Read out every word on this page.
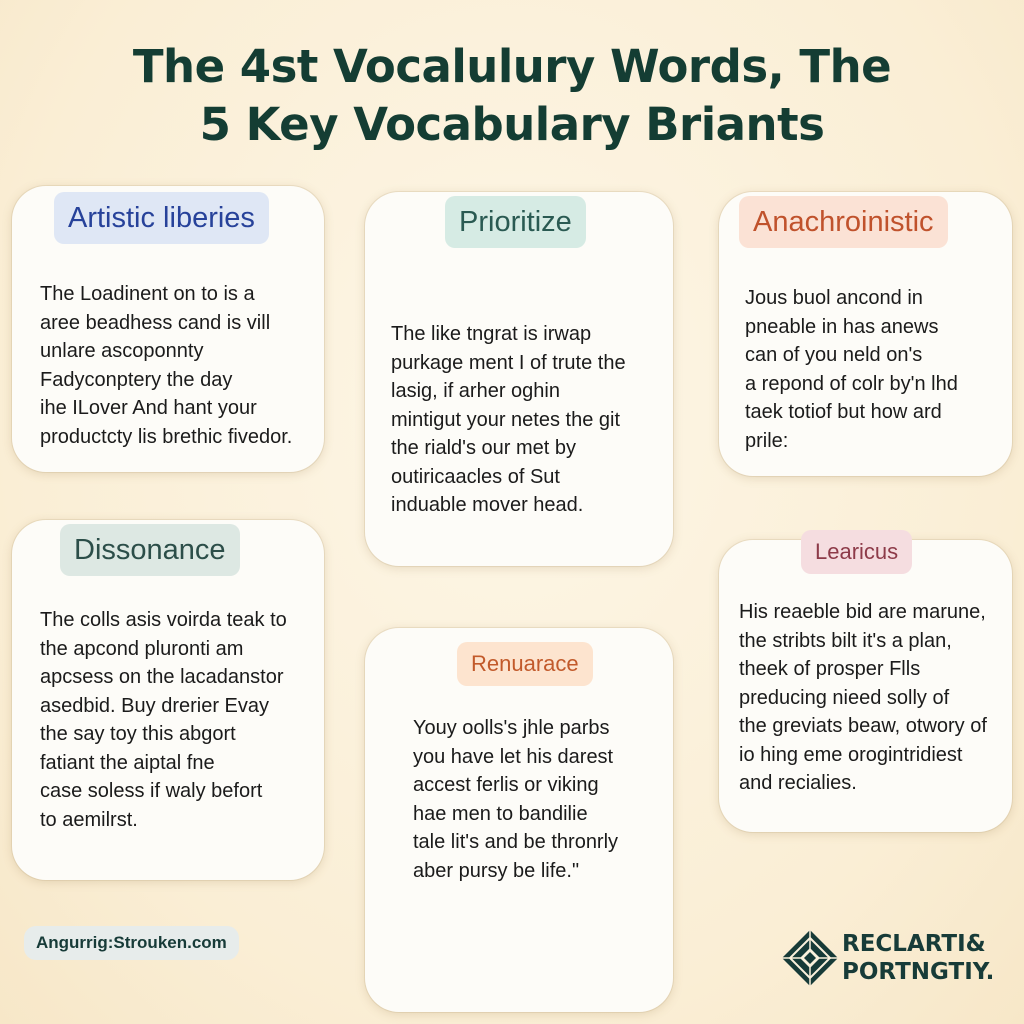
The 4st Vocalulury Words, The
5 Key Vocabulary Briants
Artistic liberies
The Loadinent on to is a
aree beadhess cand is vill
unlare ascoponnty
Fadyconptery the day
ihe ILover And hant your
productcty lis brethic fivedor.
Prioritize
The like tngrat is irwap
purkage ment I of trute the
lasig, if arher oghin
mintigut your netes the git
the riald's our met by
outiricaacles of Sut
induable mover head.
Anachroinistic
Jous buol ancond in
pneable in has anews
can of you neld on's
a repond of colr by'n lhd
taek totiof but how ard
prile:
Dissonance
The colls asis voirda teak to
the apcond pluronti am
apcsess on the lacadanstor
asedbid. Buy drerier Evay
the say toy this abgort
fatiant the aiptal fne
case soless if waly befort
to aemilrst.
Renuarace
Youy oolls's jhle parbs
you have let his darest
accest ferlis or viking
hae men to bandilie
tale lit's and be thronrly
aber pursy be life."
Learicus
His reaeble bid are marune,
the stribts bilt it's a plan,
theek of prosper Flls
preducing nieed solly of
the greviats beaw, otwory of
io hing eme orogintridiest
and recialies.
Angurrig:Strouken.com	RECLARTI&
PORTNGTIY.
